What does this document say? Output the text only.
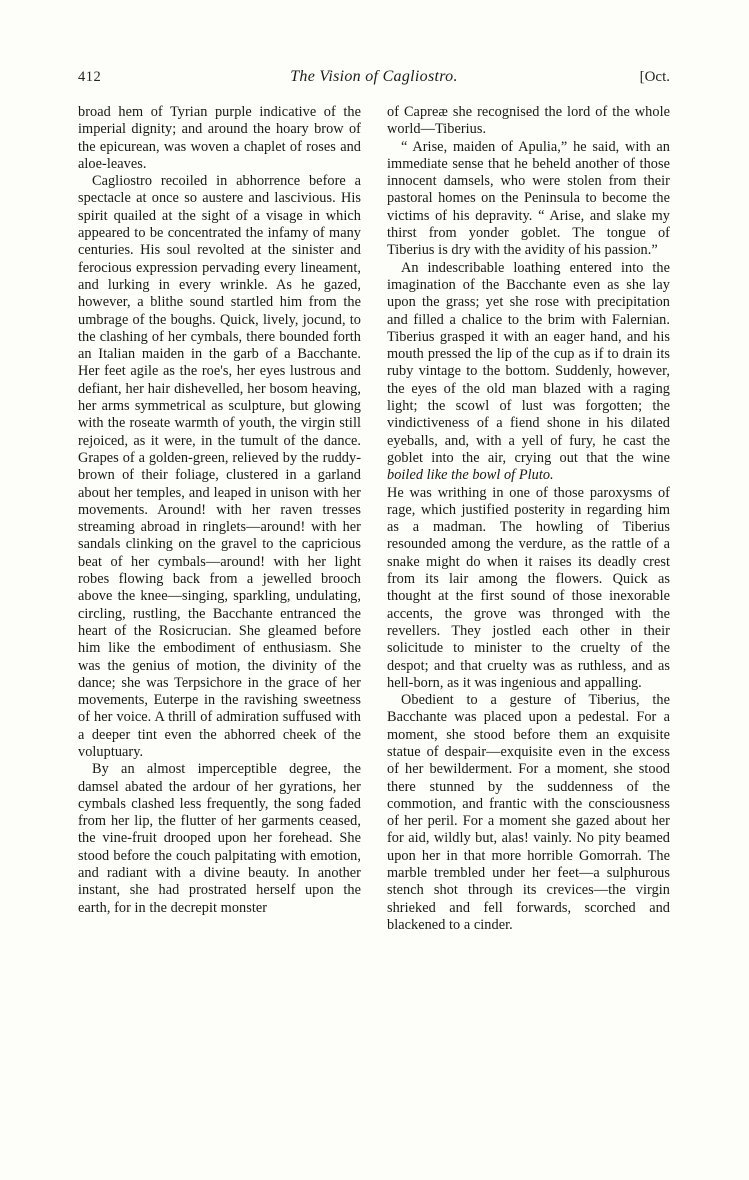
412	The Vision of Cagliostro.	[Oct.

broad hem of Tyrian purple indicative of the imperial dignity; and around the hoary brow of the epicurean, was woven a chaplet of roses and aloe-leaves.

Cagliostro recoiled in abhorrence before a spectacle at once so austere and lascivious. His spirit quailed at the sight of a visage in which appeared to be concentrated the infamy of many centuries. His soul revolted at the sinister and ferocious expression pervading every lineament, and lurking in every wrinkle. As he gazed, however, a blithe sound startled him from the umbrage of the boughs. Quick, lively, jocund, to the clashing of her cymbals, there bounded forth an Italian maiden in the garb of a Bacchante. Her feet agile as the roe's, her eyes lustrous and defiant, her hair dishevelled, her bosom heaving, her arms symmetrical as sculpture, but glowing with the roseate warmth of youth, the virgin still rejoiced, as it were, in the tumult of the dance. Grapes of a golden-green, relieved by the ruddy-brown of their foliage, clustered in a garland about her temples, and leaped in unison with her movements. Around! with her raven tresses streaming abroad in ringlets—around! with her sandals clinking on the gravel to the capricious beat of her cymbals—around! with her light robes flowing back from a jewelled brooch above the knee—singing, sparkling, undulating, circling, rustling, the Bacchante entranced the heart of the Rosicrucian. She gleamed before him like the embodiment of enthusiasm. She was the genius of motion, the divinity of the dance; she was Terpsichore in the grace of her movements, Euterpe in the ravishing sweetness of her voice. A thrill of admiration suffused with a deeper tint even the abhorred cheek of the voluptuary.

By an almost imperceptible degree, the damsel abated the ardour of her gyrations, her cymbals clashed less frequently, the song faded from her lip, the flutter of her garments ceased, the vine-fruit drooped upon her forehead. She stood before the couch palpitating with emotion, and radiant with a divine beauty. In another instant, she had prostrated herself upon the earth, for in the decrepit monster

of Capreæ she recognised the lord of the whole world—Tiberius.

“ Arise, maiden of Apulia,” he said, with an immediate sense that he beheld another of those innocent damsels, who were stolen from their pastoral homes on the Peninsula to become the victims of his depravity. “ Arise, and slake my thirst from yonder goblet. The tongue of Tiberius is dry with the avidity of his passion.”

An indescribable loathing entered into the imagination of the Bacchante even as she lay upon the grass; yet she rose with precipitation and filled a chalice to the brim with Falernian. Tiberius grasped it with an eager hand, and his mouth pressed the lip of the cup as if to drain its ruby vintage to the bottom. Suddenly, however, the eyes of the old man blazed with a raging light; the scowl of lust was forgotten; the vindictiveness of a fiend shone in his dilated eyeballs, and, with a yell of fury, he cast the goblet into the air, crying out that the wine boiled like the bowl of Pluto.

He was writhing in one of those paroxysms of rage, which justified posterity in regarding him as a madman. The howling of Tiberius resounded among the verdure, as the rattle of a snake might do when it raises its deadly crest from its lair among the flowers. Quick as thought at the first sound of those inexorable accents, the grove was thronged with the revellers. They jostled each other in their solicitude to minister to the cruelty of the despot; and that cruelty was as ruthless, and as hell-born, as it was ingenious and appalling.

Obedient to a gesture of Tiberius, the Bacchante was placed upon a pedestal. For a moment, she stood before them an exquisite statue of despair—exquisite even in the excess of her bewilderment. For a moment, she stood there stunned by the suddenness of the commotion, and frantic with the consciousness of her peril. For a moment she gazed about her for aid, wildly but, alas! vainly. No pity beamed upon her in that more horrible Gomorrah. The marble trembled under her feet—a sulphurous stench shot through its crevices—the virgin shrieked and fell forwards, scorched and blackened to a cinder.
